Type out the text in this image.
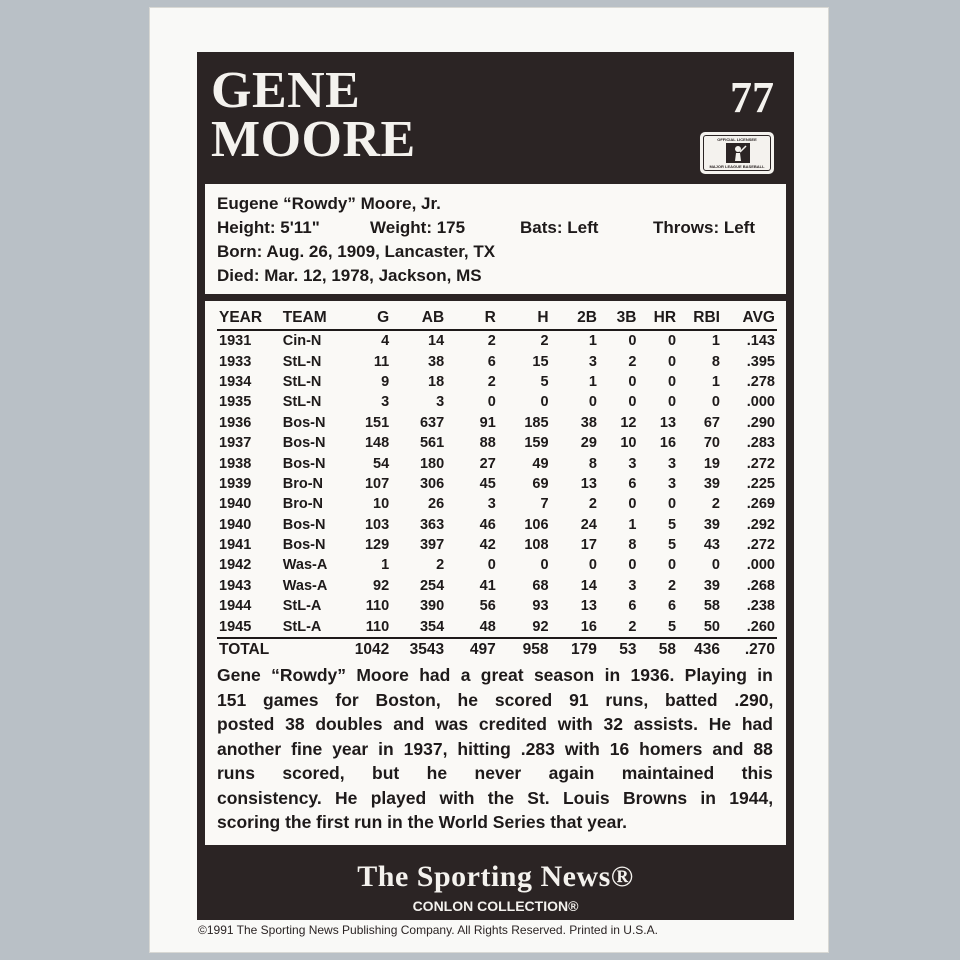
GENE
MOORE
77
OFFICIAL LICENSEE
MAJOR LEAGUE BASEBALL
Eugene “Rowdy” Moore, Jr.
Height: 5'11"	Weight: 175	Bats: Left	Throws: Left
Born: Aug. 26, 1909, Lancaster, TX
Died: Mar. 12, 1978, Jackson, MS
YEAR	TEAM	G	AB	R	H	2B	3B	HR	RBI	AVG
1931	Cin-N	4	14	2	2	1	0	0	1	.143
1933	StL-N	11	38	6	15	3	2	0	8	.395
1934	StL-N	9	18	2	5	1	0	0	1	.278
1935	StL-N	3	3	0	0	0	0	0	0	.000
1936	Bos-N	151	637	91	185	38	12	13	67	.290
1937	Bos-N	148	561	88	159	29	10	16	70	.283
1938	Bos-N	54	180	27	49	8	3	3	19	.272
1939	Bro-N	107	306	45	69	13	6	3	39	.225
1940	Bro-N	10	26	3	7	2	0	0	2	.269
1940	Bos-N	103	363	46	106	24	1	5	39	.292
1941	Bos-N	129	397	42	108	17	8	5	43	.272
1942	Was-A	1	2	0	0	0	0	0	0	.000
1943	Was-A	92	254	41	68	14	3	2	39	.268
1944	StL-A	110	390	56	93	13	6	6	58	.238
1945	StL-A	110	354	48	92	16	2	5	50	.260
TOTAL		1042	3543	497	958	179	53	58	436	.270
Gene “Rowdy” Moore had a great season in 1936. Playing in
151 games for Boston, he scored 91 runs, batted .290,
posted 38 doubles and was credited with 32 assists. He had
another fine year in 1937, hitting .283 with 16 homers and 88
runs scored, but he never again maintained this
consistency. He played with the St. Louis Browns in 1944,
scoring the first run in the World Series that year.
The Sporting News®
CONLON COLLECTION®
©1991 The Sporting News Publishing Company. All Rights Reserved. Printed in U.S.A.
